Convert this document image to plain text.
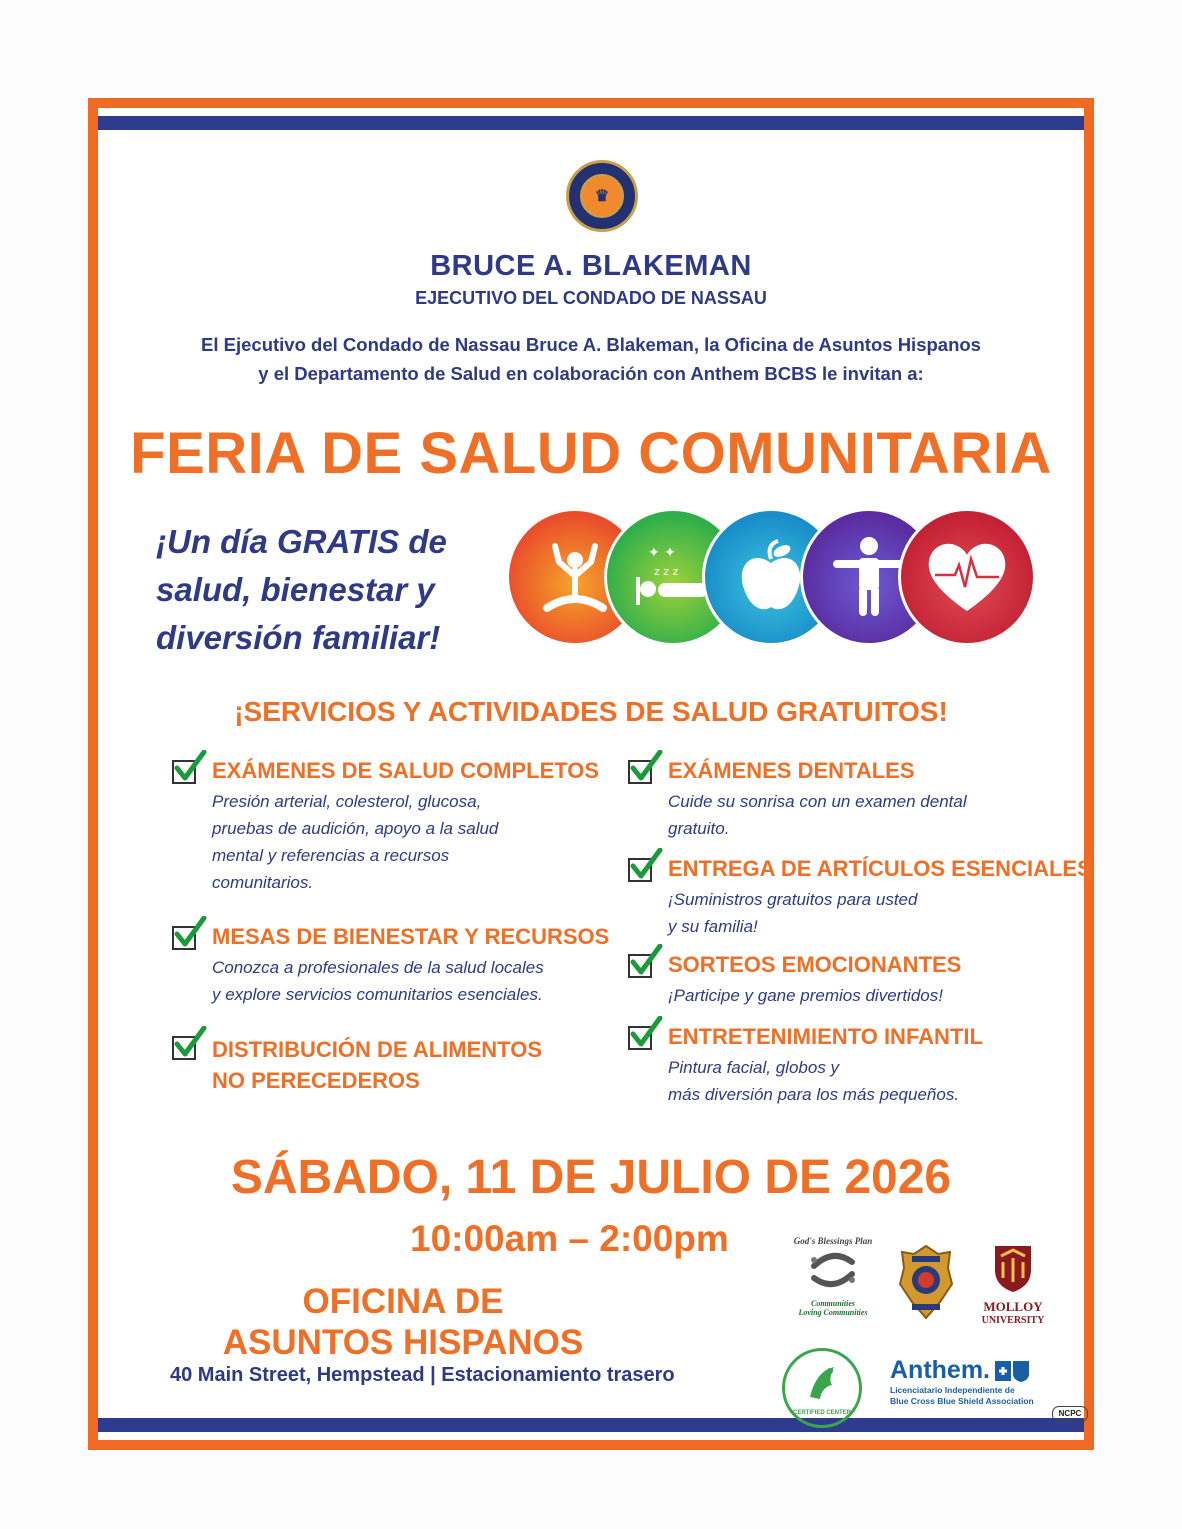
♛
BRUCE A. BLAKEMAN
EJECUTIVO DEL CONDADO DE NASSAU
El Ejecutivo del Condado de Nassau Bruce A. Blakeman, la Oficina de Asuntos Hispanos
y el Departamento de Salud en colaboración con Anthem BCBS le invitan a:
FERIA DE SALUD COMUNITARIA
¡Un día GRATIS de
salud, bienestar y
diversión familiar!
✦ ✦
z z z
¡SERVICIOS Y ACTIVIDADES DE SALUD GRATUITOS!
EXÁMENES DE SALUD COMPLETOS
Presión arterial, colesterol, glucosa,
pruebas de audición, apoyo a la salud
mental y referencias a recursos
comunitarios.
MESAS DE BIENESTAR Y RECURSOS
Conozca a profesionales de la salud locales
y explore servicios comunitarios esenciales.
DISTRIBUCIÓN DE ALIMENTOS
NO PERECEDEROS
EXÁMENES DENTALES
Cuide su sonrisa con un examen dental
gratuito.
ENTREGA DE ARTÍCULOS ESENCIALES
¡Suministros gratuitos para usted
y su familia!
SORTEOS EMOCIONANTES
¡Participe y gane premios divertidos!
ENTRETENIMIENTO INFANTIL
Pintura facial, globos y
más diversión para los más pequeños.
SÁBADO, 11 DE JULIO DE 2026
10:00am – 2:00pm
OFICINA DE
ASUNTOS HISPANOS
40 Main Street, Hempstead | Estacionamiento trasero
God's Blessings Plan
Communities
Loving Communities	MOLLOY
UNIVERSITY
CERTIFIED CENTER
Anthem.
Licenciatario Independiente de
Blue Cross Blue Shield Association
NCPC
